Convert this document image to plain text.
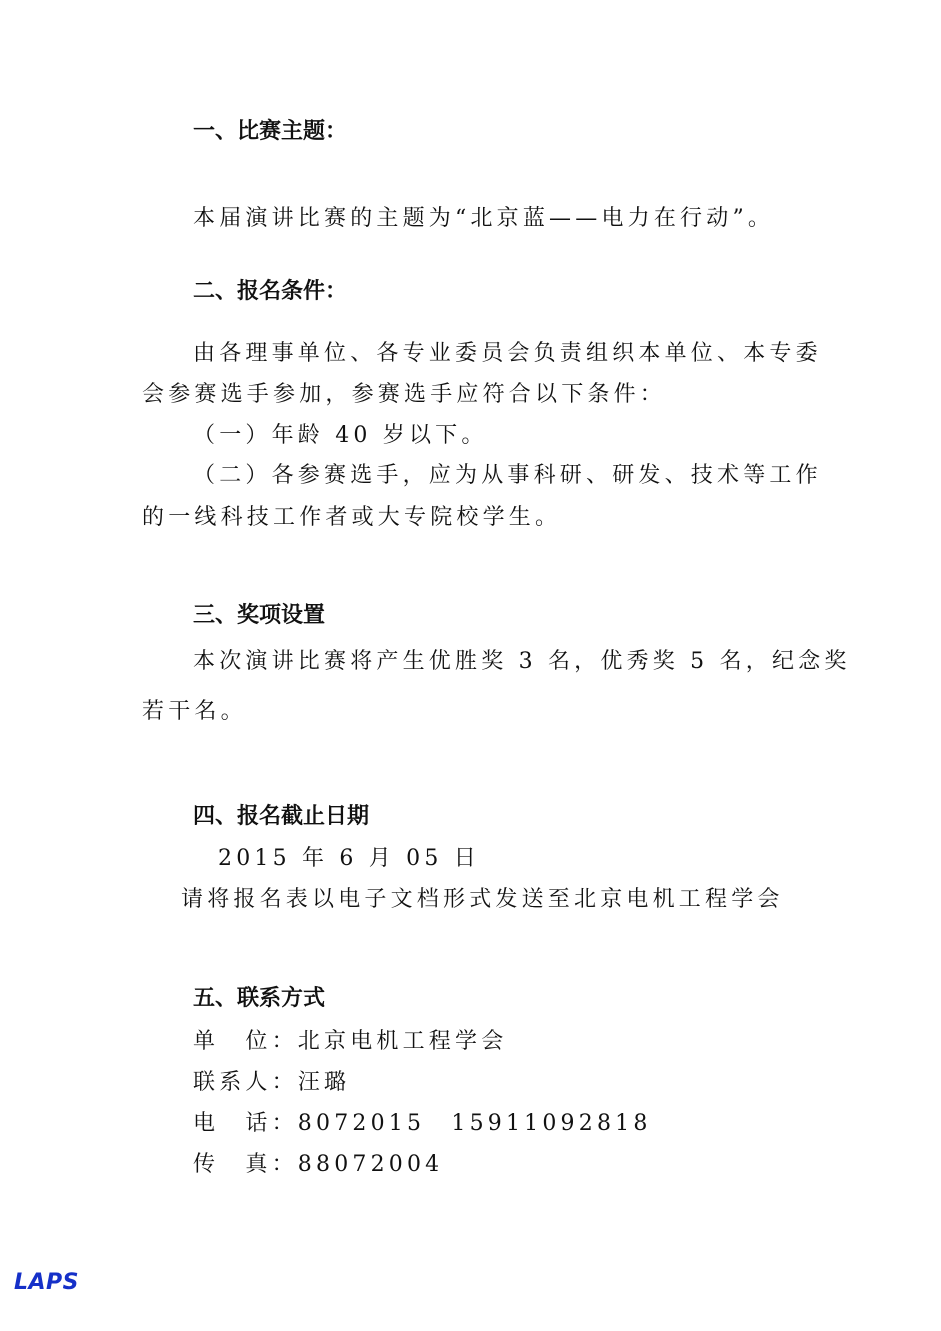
一、比赛主题：
本届演讲比赛的主题为“北京蓝——电力在行动”。
二、报名条件：
由各理事单位、各专业委员会负责组织本单位、本专委
会参赛选手参加，参赛选手应符合以下条件：
（一）年龄 40 岁以下。
（二）各参赛选手，应为从事科研、研发、技术等工作
的一线科技工作者或大专院校学生。
三、奖项设置
本次演讲比赛将产生优胜奖 3 名，优秀奖 5 名，纪念奖
若干名。
四、报名截止日期
2015 年 6 月 05 日
请将报名表以电子文档形式发送至北京电机工程学会
五、联系方式
单　位：北京电机工程学会
联系人：汪璐
电　话：8072015　15911092818
传　真：88072004
LAPS
